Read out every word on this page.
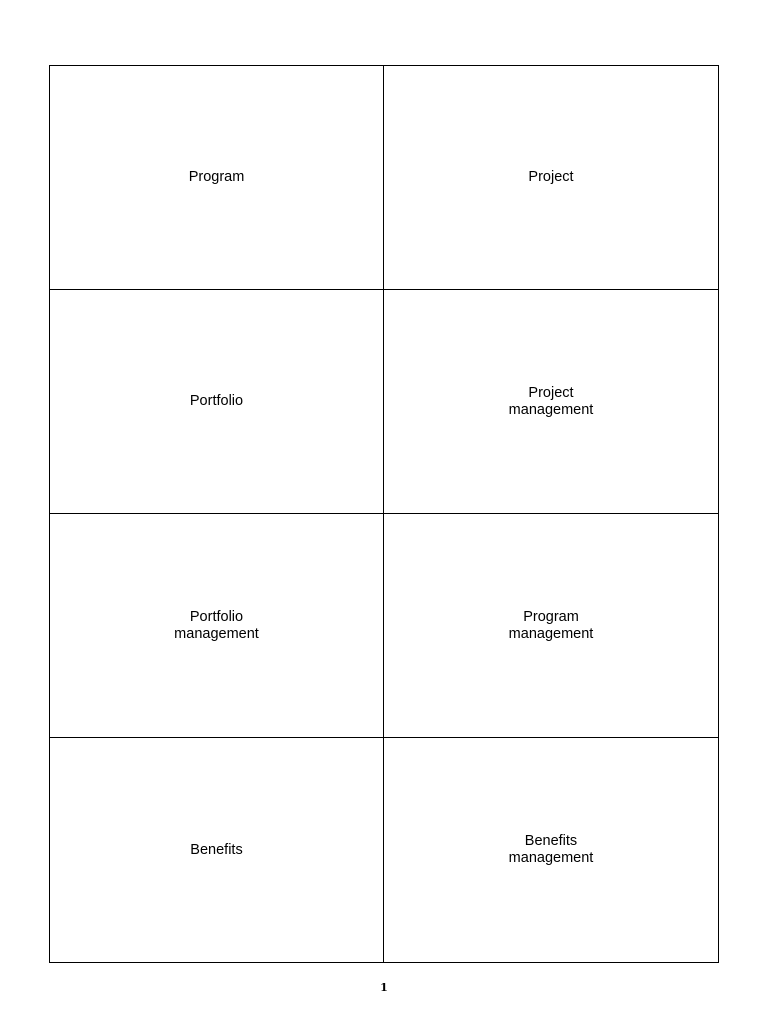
Program	Project
Portfolio
Project
management
Portfolio
management
Program
management
Benefits
Benefits
management
1
